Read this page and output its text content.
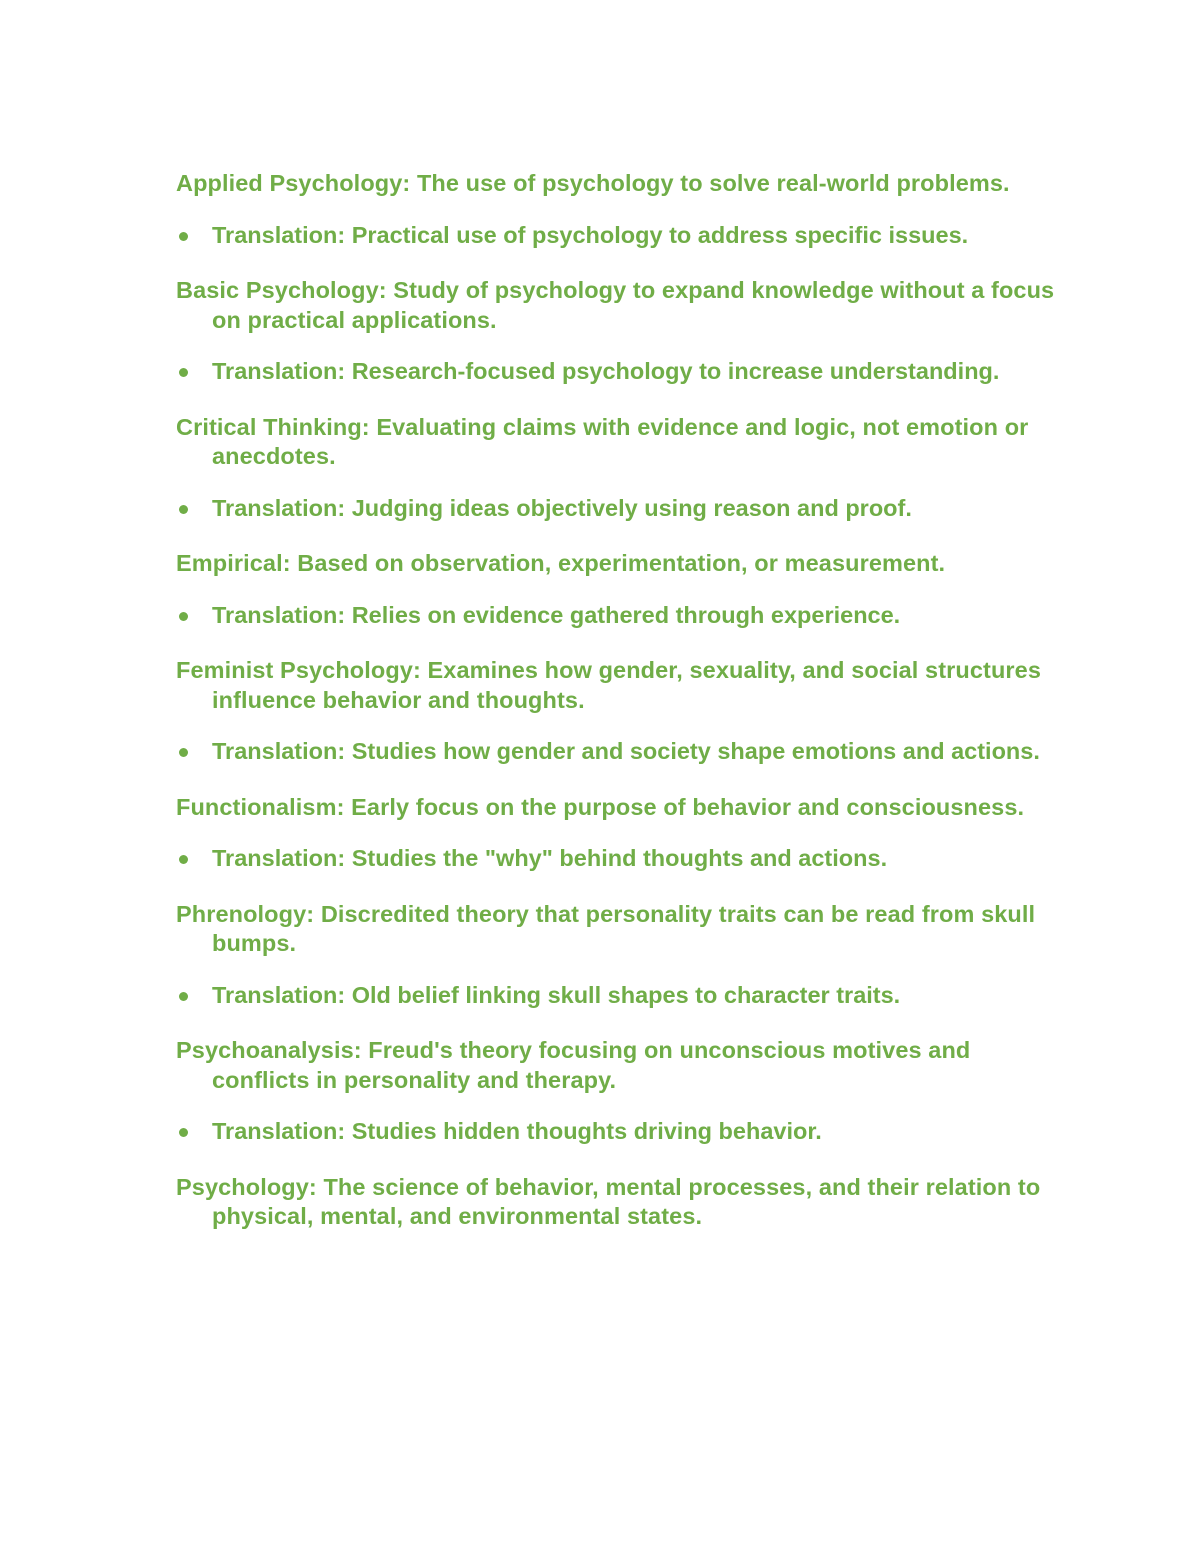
Applied Psychology: The use of psychology to solve real-world problems.

Translation: Practical use of psychology to address specific issues.

Basic Psychology: Study of psychology to expand knowledge without a focus on practical applications.

Translation: Research-focused psychology to increase understanding.

Critical Thinking: Evaluating claims with evidence and logic, not emotion or anecdotes.

Translation: Judging ideas objectively using reason and proof.

Empirical: Based on observation, experimentation, or measurement.

Translation: Relies on evidence gathered through experience.

Feminist Psychology: Examines how gender, sexuality, and social structures influence behavior and thoughts.

Translation: Studies how gender and society shape emotions and actions.

Functionalism: Early focus on the purpose of behavior and consciousness.

Translation: Studies the "why" behind thoughts and actions.

Phrenology: Discredited theory that personality traits can be read from skull bumps.

Translation: Old belief linking skull shapes to character traits.

Psychoanalysis: Freud's theory focusing on unconscious motives and conflicts in personality and therapy.

Translation: Studies hidden thoughts driving behavior.

Psychology: The science of behavior, mental processes, and their relation to physical, mental, and environmental states.
